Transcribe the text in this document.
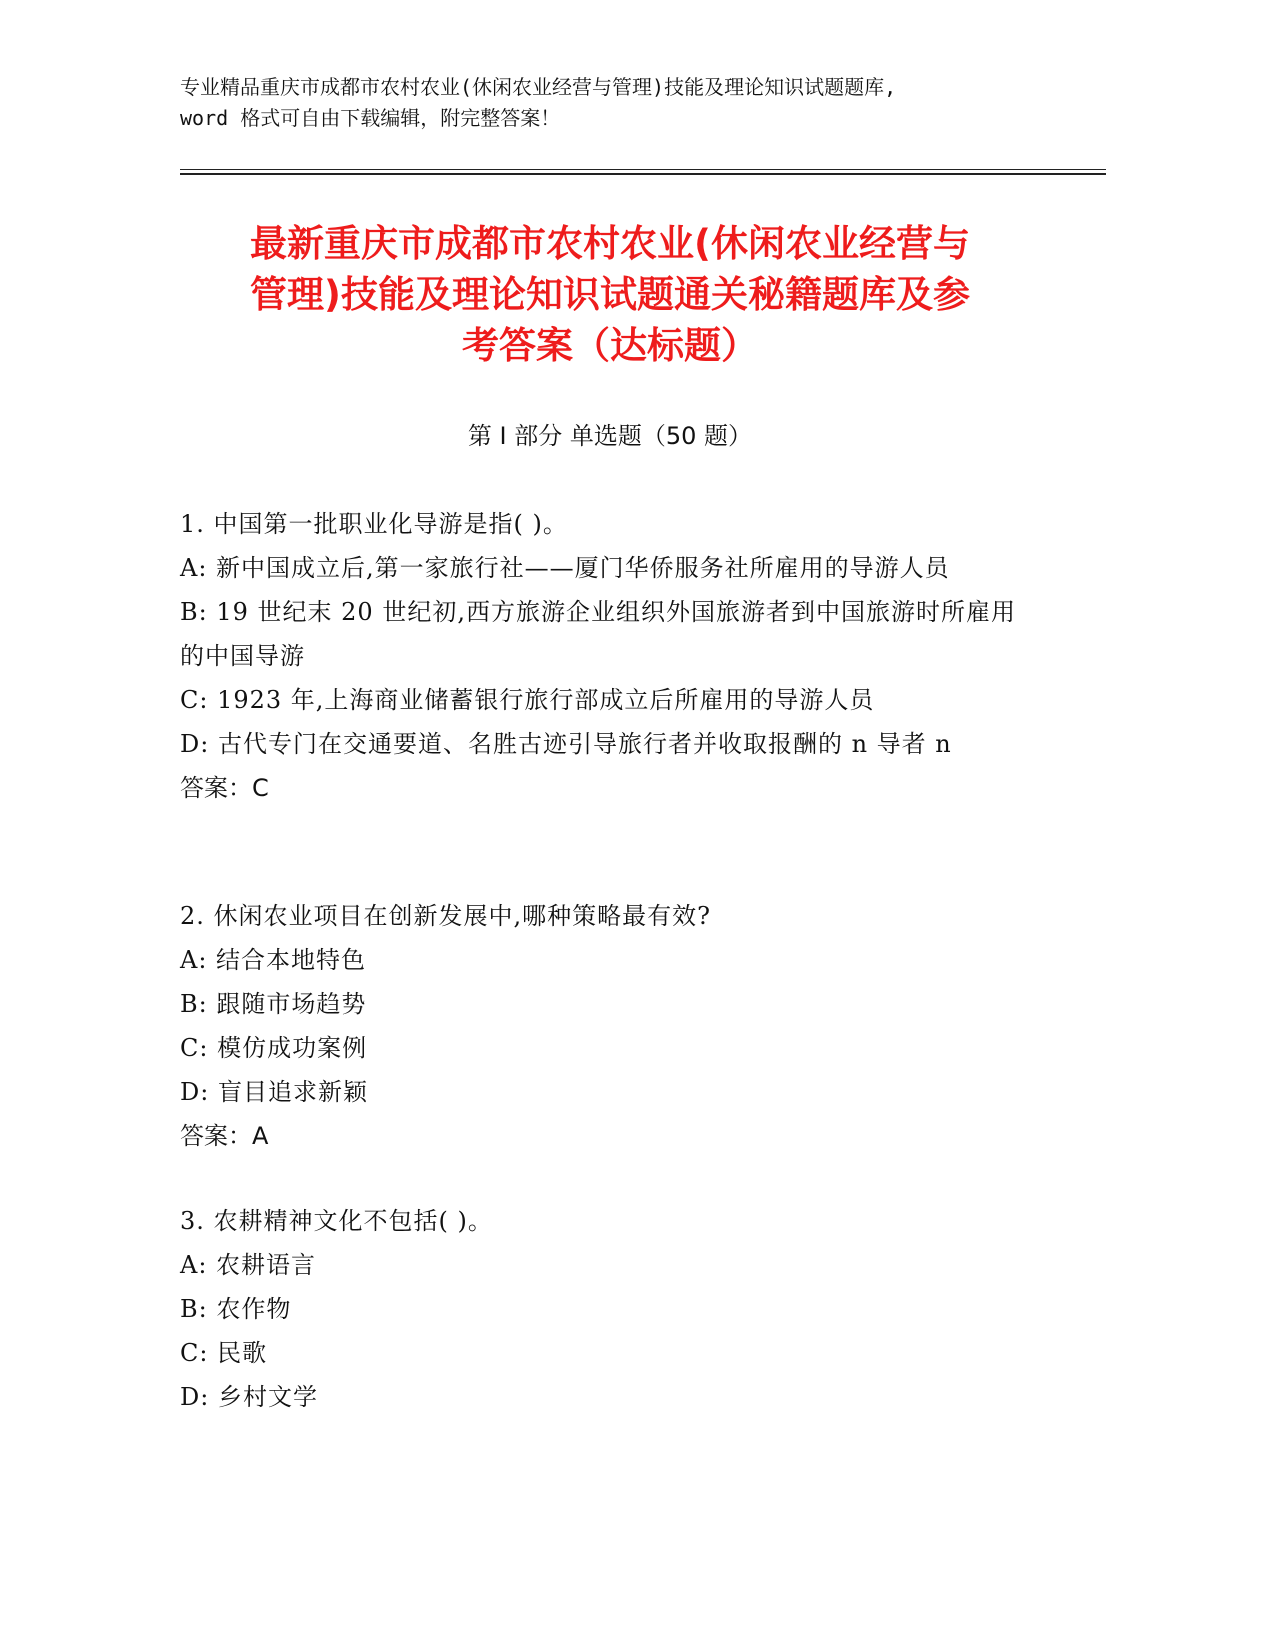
专业精品重庆市成都市农村农业(休闲农业经营与管理)技能及理论知识试题题库,
word 格式可自由下载编辑，附完整答案！
最新重庆市成都市农村农业(休闲农业经营与
管理)技能及理论知识试题通关秘籍题库及参
考答案（达标题）
第 I 部分 单选题（50 题）
1. 中国第一批职业化导游是指( )。
A: 新中国成立后,第一家旅行社——厦门华侨服务社所雇用的导游人员
B: 19 世纪末 20 世纪初,西方旅游企业组织外国旅游者到中国旅游时所雇用的中国导游
C: 1923 年,上海商业储蓄银行旅行部成立后所雇用的导游人员
D: 古代专门在交通要道、名胜古迹引导旅行者并收取报酬的 n 导者 n
答案：C
2. 休闲农业项目在创新发展中,哪种策略最有效?
A: 结合本地特色
B: 跟随市场趋势
C: 模仿成功案例
D: 盲目追求新颖
答案：A
3. 农耕精神文化不包括( )。
A: 农耕语言
B: 农作物
C: 民歌
D: 乡村文学
